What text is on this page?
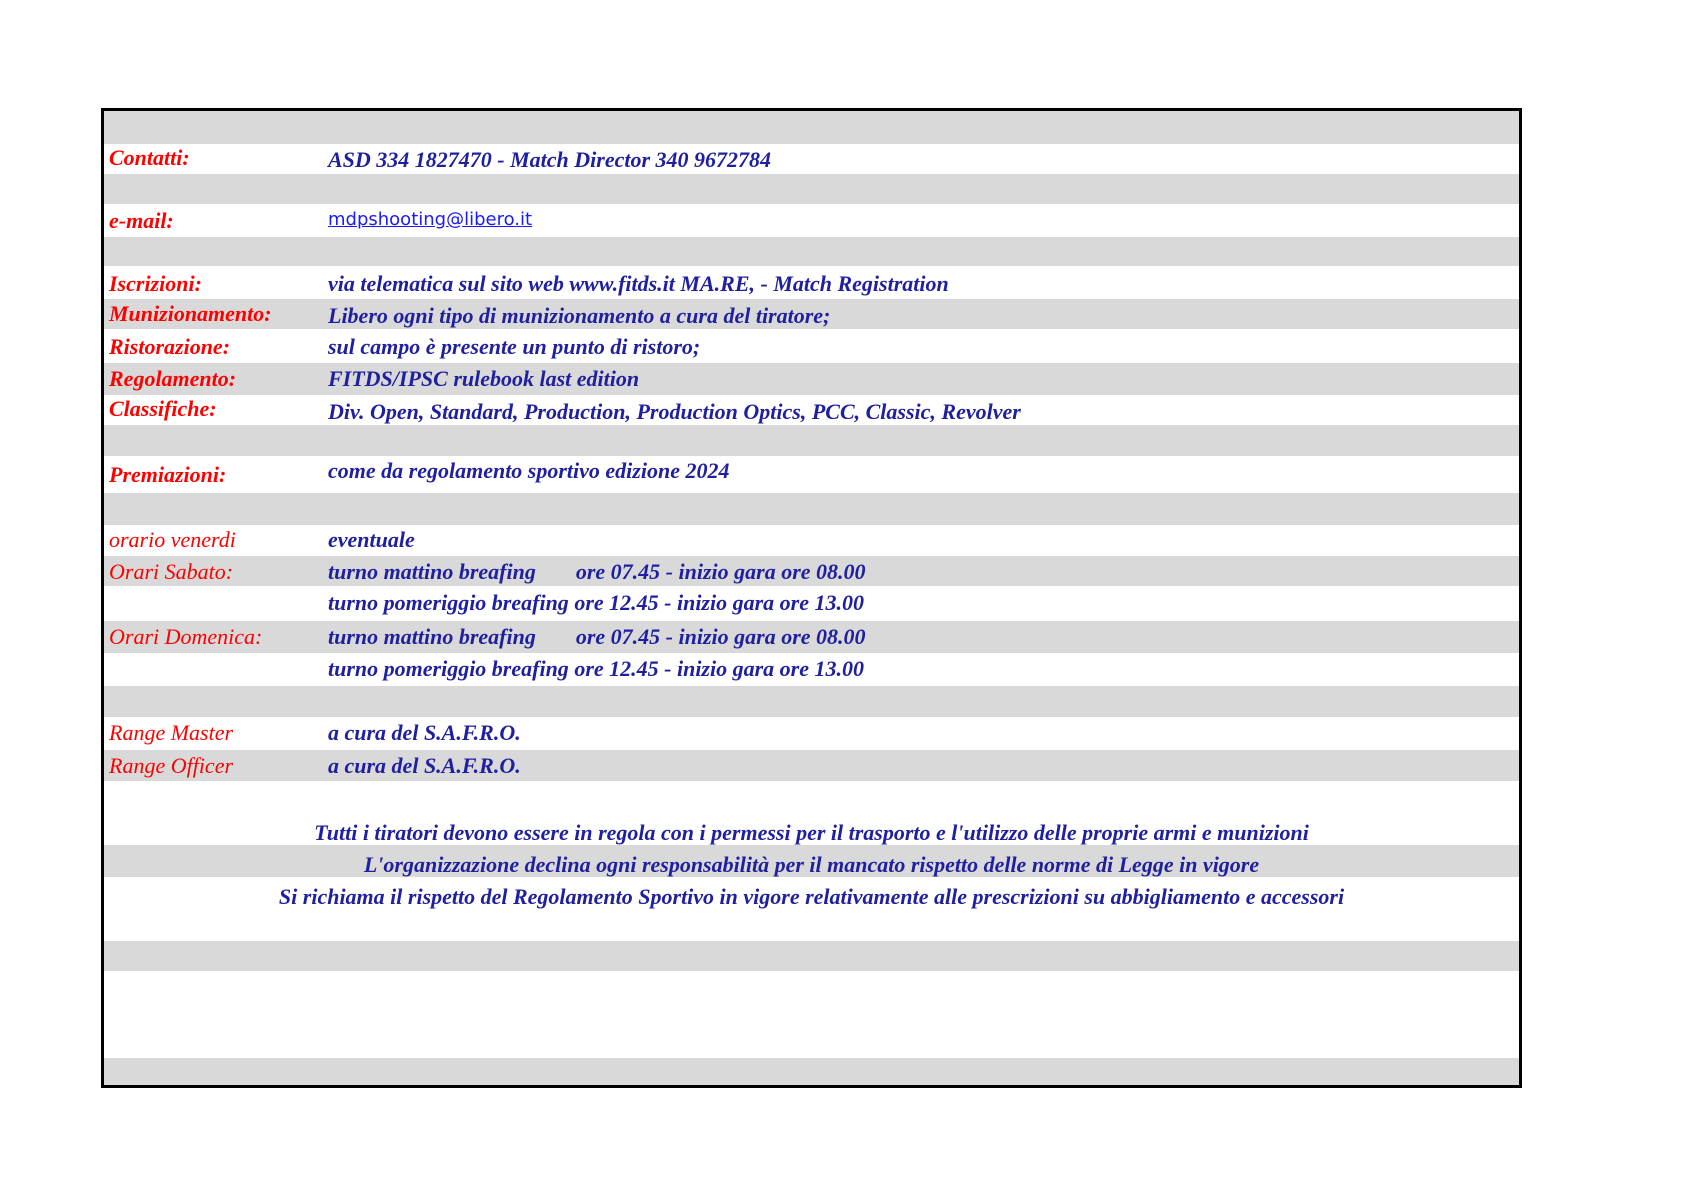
Contatti:	ASD 334 1827470 - Match Director 340 9672784
e-mail:	mdpshooting@libero.it
Iscrizioni:	via telematica sul sito web www.fitds.it MA.RE, - Match Registration
Munizionamento:	Libero ogni tipo di munizionamento a cura del tiratore;
Ristorazione:	sul campo è presente un punto di ristoro;
Regolamento:	FITDS/IPSC rulebook last edition
Classifiche:	Div. Open, Standard, Production, Production Optics, PCC, Classic, Revolver
Premiazioni:	come da regolamento sportivo edizione 2024
orario venerdi	eventuale
Orari Sabato:	turno mattino breafing ore 07.45 - inizio gara ore 08.00
turno pomeriggio breafing ore 12.45 - inizio gara ore 13.00
Orari Domenica:	turno mattino breafing ore 07.45 - inizio gara ore 08.00
turno pomeriggio breafing ore 12.45 - inizio gara ore 13.00
Range Master	a cura del S.A.F.R.O.
Range Officer	a cura del S.A.F.R.O.
Tutti i tiratori devono essere in regola con i permessi per il trasporto e l'utilizzo delle proprie armi e munizioni
L'organizzazione declina ogni responsabilità per il mancato rispetto delle norme di Legge in vigore
Si richiama il rispetto del Regolamento Sportivo in vigore relativamente alle prescrizioni su abbigliamento e accessori
